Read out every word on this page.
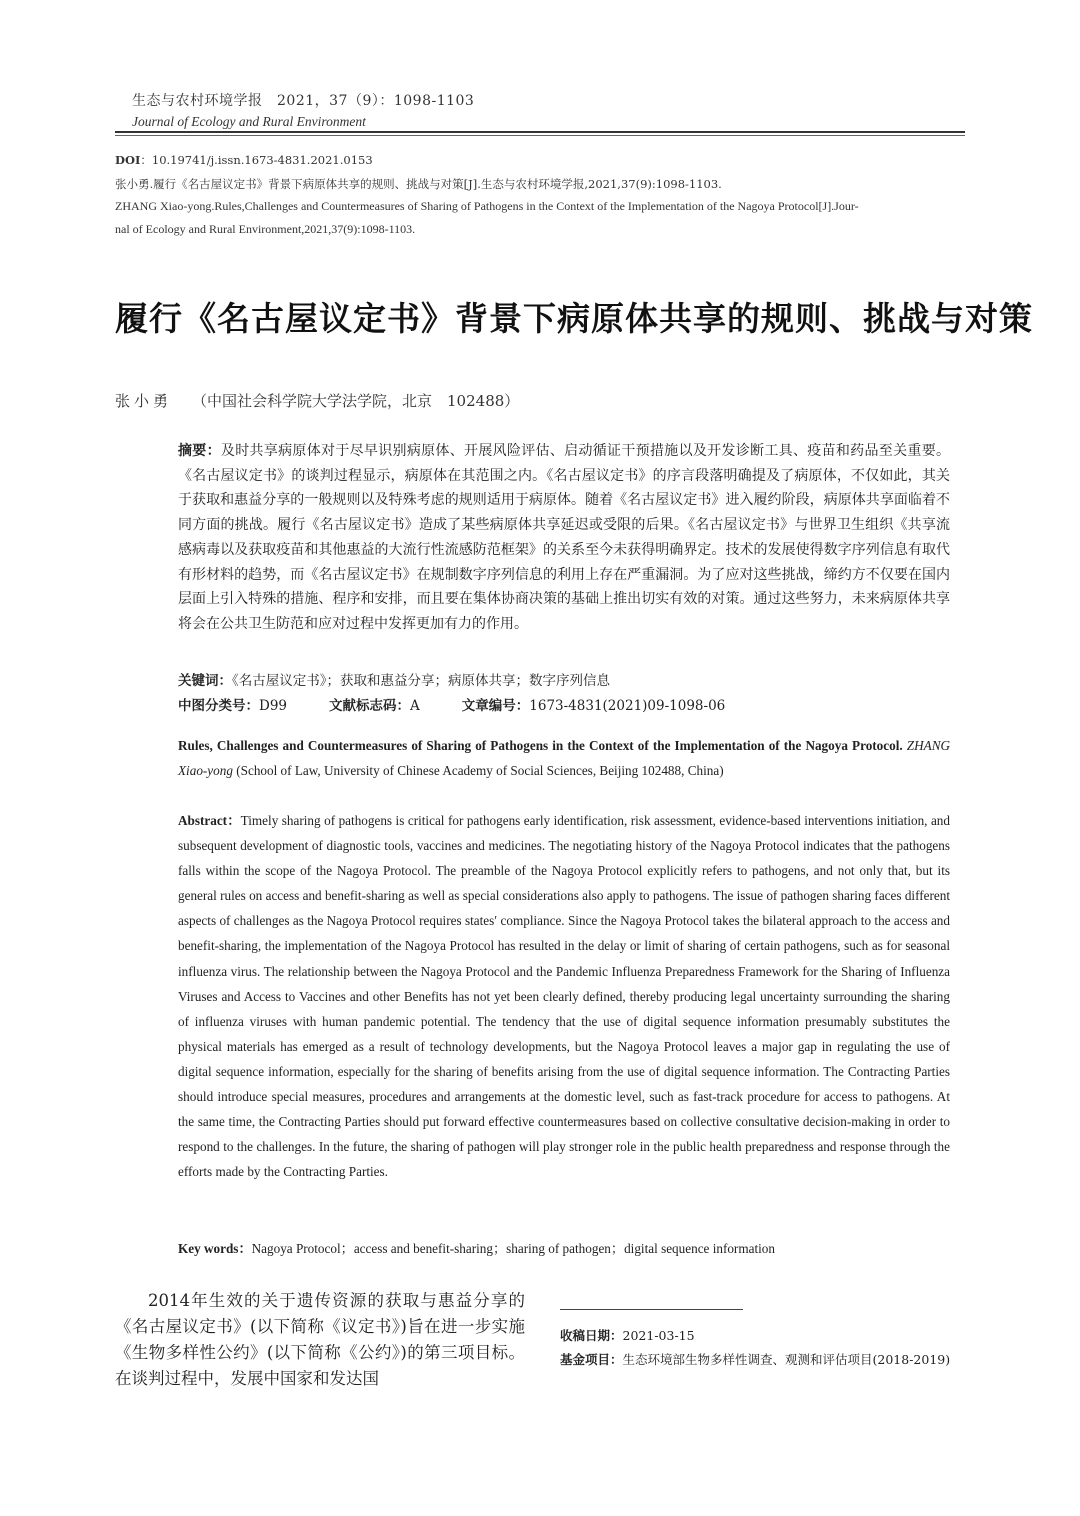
生态与农村环境学报　2021，37（9）：1098-1103
Journal of Ecology and Rural Environment
DOI：10.19741/j.issn.1673-4831.2021.0153
张小勇.履行《名古屋议定书》背景下病原体共享的规则、挑战与对策[J].生态与农村环境学报,2021,37(9):1098-1103.
ZHANG Xiao-yong.Rules,Challenges and Countermeasures of Sharing of Pathogens in the Context of the Implementation of the Nagoya Protocol[J].Jour-
nal of Ecology and Rural Environment,2021,37(9):1098-1103.
履行《名古屋议定书》背景下病原体共享的规则、挑战与对策
张小勇 （中国社会科学院大学法学院，北京　102488）
摘要：及时共享病原体对于尽早识别病原体、开展风险评估、启动循证干预措施以及开发诊断工具、疫苗和药品至关重要。《名古屋议定书》的谈判过程显示，病原体在其范围之内。《名古屋议定书》的序言段落明确提及了病原体，不仅如此，其关于获取和惠益分享的一般规则以及特殊考虑的规则适用于病原体。随着《名古屋议定书》进入履约阶段，病原体共享面临着不同方面的挑战。履行《名古屋议定书》造成了某些病原体共享延迟或受限的后果。《名古屋议定书》与世界卫生组织《共享流感病毒以及获取疫苗和其他惠益的大流行性流感防范框架》的关系至今未获得明确界定。技术的发展使得数字序列信息有取代有形材料的趋势，而《名古屋议定书》在规制数字序列信息的利用上存在严重漏洞。为了应对这些挑战，缔约方不仅要在国内层面上引入特殊的措施、程序和安排，而且要在集体协商决策的基础上推出切实有效的对策。通过这些努力，未来病原体共享将会在公共卫生防范和应对过程中发挥更加有力的作用。
关键词：《名古屋议定书》；获取和惠益分享；病原体共享；数字序列信息
中图分类号：D99	文献标志码：A	文章编号：1673-4831(2021)09-1098-06
Rules, Challenges and Countermeasures of Sharing of Pathogens in the Context of the Implementation of the Nagoya Protocol. ZHANG Xiao-yong (School of Law, University of Chinese Academy of Social Sciences, Beijing 102488, China)
Abstract：Timely sharing of pathogens is critical for pathogens early identification, risk assessment, evidence-based interventions initiation, and subsequent development of diagnostic tools, vaccines and medicines. The negotiating history of the Nagoya Protocol indicates that the pathogens falls within the scope of the Nagoya Protocol. The preamble of the Nagoya Protocol explicitly refers to pathogens, and not only that, but its general rules on access and benefit-sharing as well as special considerations also apply to pathogens. The issue of pathogen sharing faces different aspects of challenges as the Nagoya Protocol requires states′ compliance. Since the Nagoya Protocol takes the bilateral approach to the access and benefit-sharing, the implementation of the Nagoya Protocol has resulted in the delay or limit of sharing of certain pathogens, such as for seasonal influenza virus. The relationship between the Nagoya Protocol and the Pandemic Influenza Preparedness Framework for the Sharing of Influenza Viruses and Access to Vaccines and other Benefits has not yet been clearly defined, thereby producing legal uncertainty surrounding the sharing of influenza viruses with human pandemic potential. The tendency that the use of digital sequence information presumably substitutes the physical materials has emerged as a result of technology developments, but the Nagoya Protocol leaves a major gap in regulating the use of digital sequence information, especially for the sharing of benefits arising from the use of digital sequence information. The Contracting Parties should introduce special measures, procedures and arrangements at the domestic level, such as fast-track procedure for access to pathogens. At the same time, the Contracting Parties should put forward effective countermeasures based on collective consultative decision-making in order to respond to the challenges. In the future, the sharing of pathogen will play stronger role in the public health preparedness and response through the efforts made by the Contracting Parties.
Key words：Nagoya Protocol；access and benefit-sharing；sharing of pathogen；digital sequence information
2014年生效的关于遗传资源的获取与惠益分享的《名古屋议定书》(以下简称《议定书》)旨在进一步实施《生物多样性公约》(以下简称《公约》)的第三项目标。在谈判过程中，发展中国家和发达国
收稿日期：2021-03-15
基金项目：生态环境部生物多样性调查、观测和评估项目(2018-2019)
